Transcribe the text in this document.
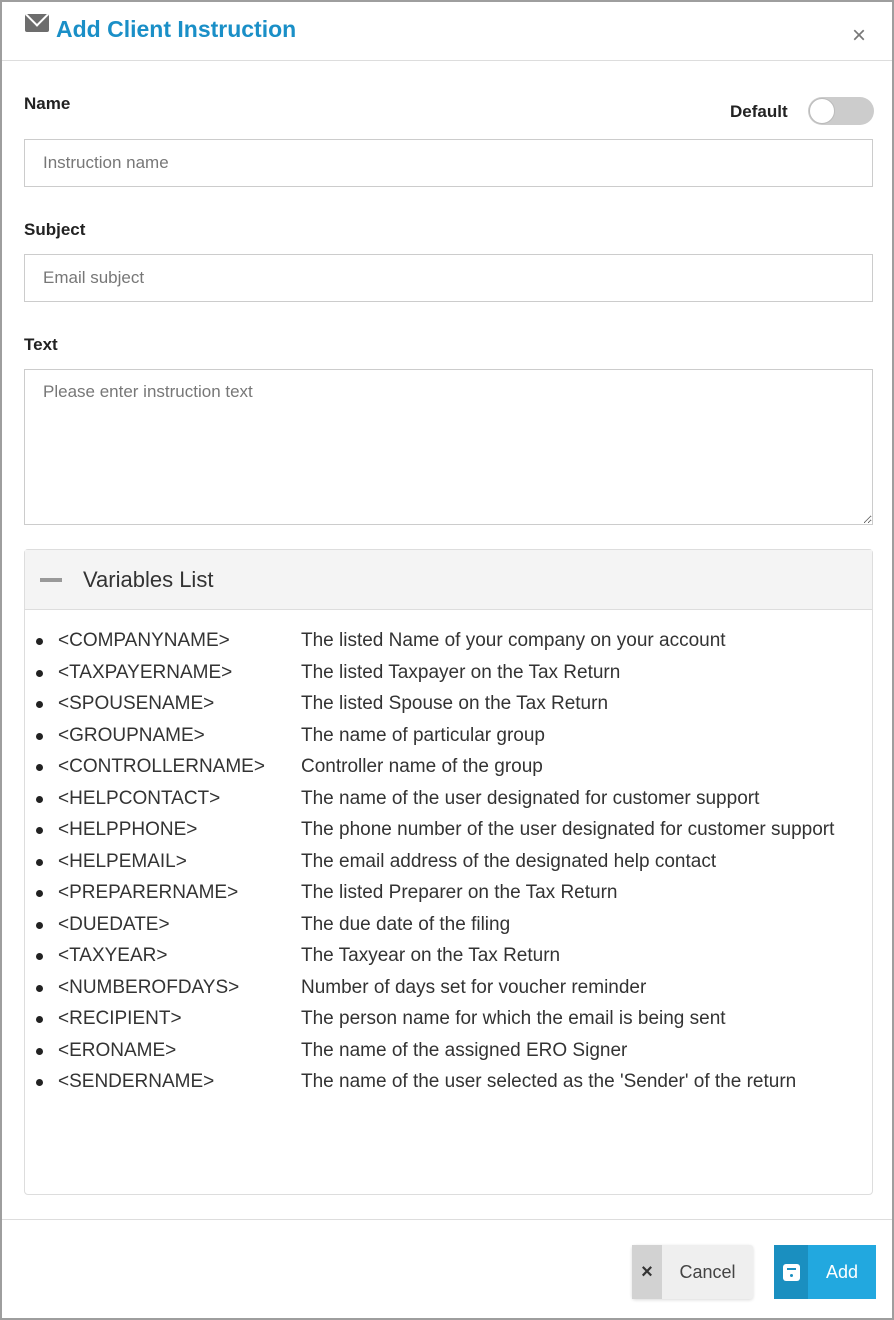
Add Client Instruction	×
Name	Default
Instruction name
Subject
Email subject
Text
Please enter instruction text
Variables List
<COMPANYNAME>	The listed Name of your company on your account
<TAXPAYERNAME>	The listed Taxpayer on the Tax Return
<SPOUSENAME>	The listed Spouse on the Tax Return
<GROUPNAME>	The name of particular group
<CONTROLLERNAME>	Controller name of the group
<HELPCONTACT>	The name of the user designated for customer support
<HELPPHONE>	The phone number of the user designated for customer support
<HELPEMAIL>	The email address of the designated help contact
<PREPARERNAME>	The listed Preparer on the Tax Return
<DUEDATE>	The due date of the filing
<TAXYEAR>	The Taxyear on the Tax Return
<NUMBEROFDAYS>	Number of days set for voucher reminder
<RECIPIENT>	The person name for which the email is being sent
<ERONAME>	The name of the assigned ERO Signer
<SENDERNAME>	The name of the user selected as the 'Sender' of the return
×	Cancel	Add
